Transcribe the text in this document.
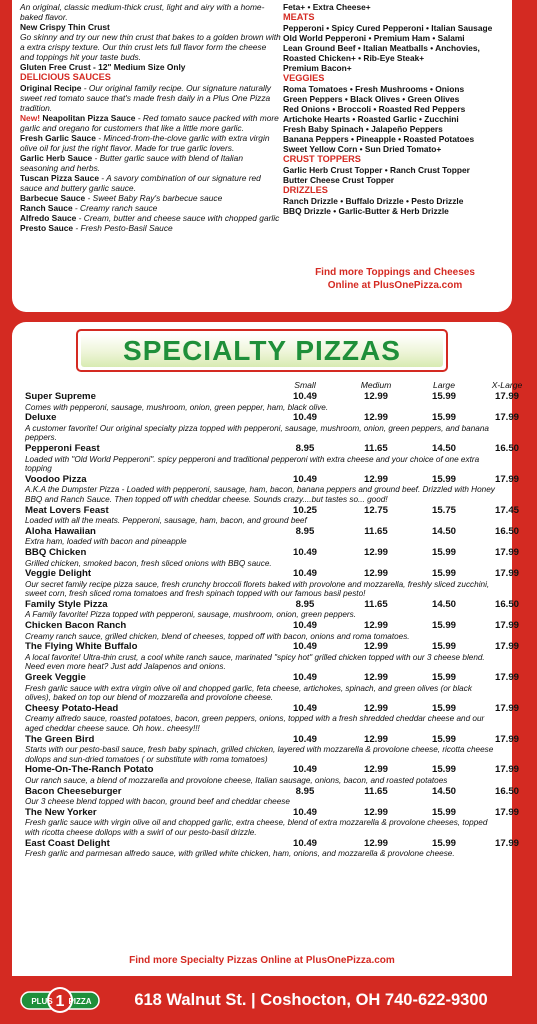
An original, classic medium-thick crust, light and airy with a home-baked flavor.
New Crispy Thin Crust
Go skinny and try our new thin crust that bakes to a golden brown with a extra crispy texture. Our thin crust lets full flavor form the cheese and toppings hit your taste buds.
Gluten Free Crust - 12" Medium Size Only
DELICIOUS SAUCES
Original Recipe - Our original family recipe. Our signature naturally sweet red tomato sauce that's made fresh daily in a Plus One Pizza tradition.
New! Neapolitan Pizza Sauce - Red tomato sauce packed with more garlic and oregano for customers that like a little more garlic.
Fresh Garlic Sauce - Minced-from-the-clove garlic with extra virgin olive oil for just the right flavor. Made for true garlic lovers.
Garlic Herb Sauce - Butter garlic sauce with blend of Italian seasoning and herbs.
Tuscan Pizza Sauce - A savory combination of our signature red sauce and buttery garlic sauce.
Barbecue Sauce - Sweet Baby Ray's barbecue sauce
Ranch Sauce - Creamy ranch sauce
Alfredo Sauce - Cream, butter and cheese sauce with chopped garlic
Presto Sauce - Fresh Pesto-Basil Sauce
Feta+ • Extra Cheese+
MEATS
Pepperoni • Spicy Cured Pepperoni • Italian Sausage
Old World Pepperoni • Premium Ham • Salami
Lean Ground Beef • Italian Meatballs • Anchovies,
Roasted Chicken+ • Rib-Eye Steak+
Premium Bacon+
VEGGIES
Roma Tomatoes • Fresh Mushrooms • Onions
Green Peppers • Black Olives • Green Olives
Red Onions • Broccoli • Roasted Red Peppers
Artichoke Hearts • Roasted Garlic • Zucchini
Fresh Baby Spinach • Jalapeño Peppers
Banana Peppers • Pineapple • Roasted Potatoes
Sweet Yellow Corn • Sun Dried Tomato+
CRUST TOPPERS
Garlic Herb Crust Topper • Ranch Crust Topper
Butter Cheese Crust Topper
DRIZZLES
Ranch Drizzle • Buffalo Drizzle • Pesto Drizzle
BBQ Drizzle • Garlic-Butter & Herb Drizzle
Find more Toppings and Cheeses
Online at PlusOnePizza.com
SPECIALTY PIZZAS
Small	Medium	Large	X-Large
Super Supreme	10.49	12.99	15.99	17.99
Comes with pepperoni, sausage, mushroom, onion, green pepper, ham, black olive.
Deluxe	10.49	12.99	15.99	17.99
A customer favorite! Our original specialty pizza topped with pepperoni, sausage, mushroom, onion, green peppers, and banana peppers.
Pepperoni Feast	8.95	11.65	14.50	16.50
Loaded with "Old World Pepperoni". spicy pepperoni and traditional pepperoni with extra cheese and your choice of one extra topping
Voodoo Pizza	10.49	12.99	15.99	17.99
A.K.A the Dumpster Pizza - Loaded with pepperoni, sausage, ham, bacon, banana peppers and ground beef. Drizzled with Honey BBQ and Ranch Sauce. Then topped off with cheddar cheese. Sounds crazy....but tastes so... good!
Meat Lovers Feast	10.25	12.75	15.75	17.45
Loaded with all the meats. Pepperoni, sausage, ham, bacon, and ground beef
Aloha Hawaiian	8.95	11.65	14.50	16.50
Extra ham, loaded with bacon and pineapple
BBQ Chicken	10.49	12.99	15.99	17.99
Grilled chicken, smoked bacon, fresh sliced onions with BBQ sauce.
Veggie Delight	10.49	12.99	15.99	17.99
Our secret family recipe pizza sauce, fresh crunchy broccoli florets baked with provolone and mozzarella, freshly sliced zucchini, sweet corn, fresh sliced roma tomatoes and fresh spinach topped with our famous basil pesto!
Family Style Pizza	8.95	11.65	14.50	16.50
A Family favorite! Pizza topped with pepperoni, sausage, mushroom, onion, green peppers.
Chicken Bacon Ranch	10.49	12.99	15.99	17.99
Creamy ranch sauce, grilled chicken, blend of cheeses, topped off with bacon, onions and roma tomatoes.
The Flying White Buffalo	10.49	12.99	15.99	17.99
A local favorite! Ultra-thin crust, a cool white ranch sauce, marinated "spicy hot" grilled chicken topped with our 3 cheese blend. Need even more heat? Just add Jalapenos and onions.
Greek Veggie	10.49	12.99	15.99	17.99
Fresh garlic sauce with extra virgin olive oil and chopped garlic, feta cheese, artichokes, spinach, and green olives (or black olives), baked on top our blend of mozzarella and provolone cheese.
Cheesy Potato-Head	10.49	12.99	15.99	17.99
Creamy alfredo sauce, roasted potatoes, bacon, green peppers, onions, topped with a fresh shredded cheddar cheese and our aged cheddar cheese sauce. Oh how.. cheesy!!!
The Green Bird	10.49	12.99	15.99	17.99
Starts with our pesto-basil sauce, fresh baby spinach, grilled chicken, layered with mozzarella & provolone cheese, ricotta cheese dollops and sun-dried tomatoes ( or substitute with roma tomatoes)
Home-On-The-Ranch Potato	10.49	12.99	15.99	17.99
Our ranch sauce, a blend of mozzarella and provolone cheese, Italian sausage, onions, bacon, and roasted potatoes
Bacon Cheeseburger	8.95	11.65	14.50	16.50
Our 3 cheese blend topped with bacon, ground beef and cheddar cheese
The New Yorker	10.49	12.99	15.99	17.99
Fresh garlic sauce with virgin olive oil and chopped garlic, extra cheese, blend of extra mozzarella & provolone cheeses, topped with ricotta cheese dollops with a swirl of our pesto-basil drizzle.
East Coast Delight	10.49	12.99	15.99	17.99
Fresh garlic and parmesan alfredo sauce, with grilled white chicken, ham, onions, and mozzarella & provolone cheese.
Find more Specialty Pizzas Online at PlusOnePizza.com
PLUS 1 PIZZA	618 Walnut St. | Coshocton, OH 740-622-9300
